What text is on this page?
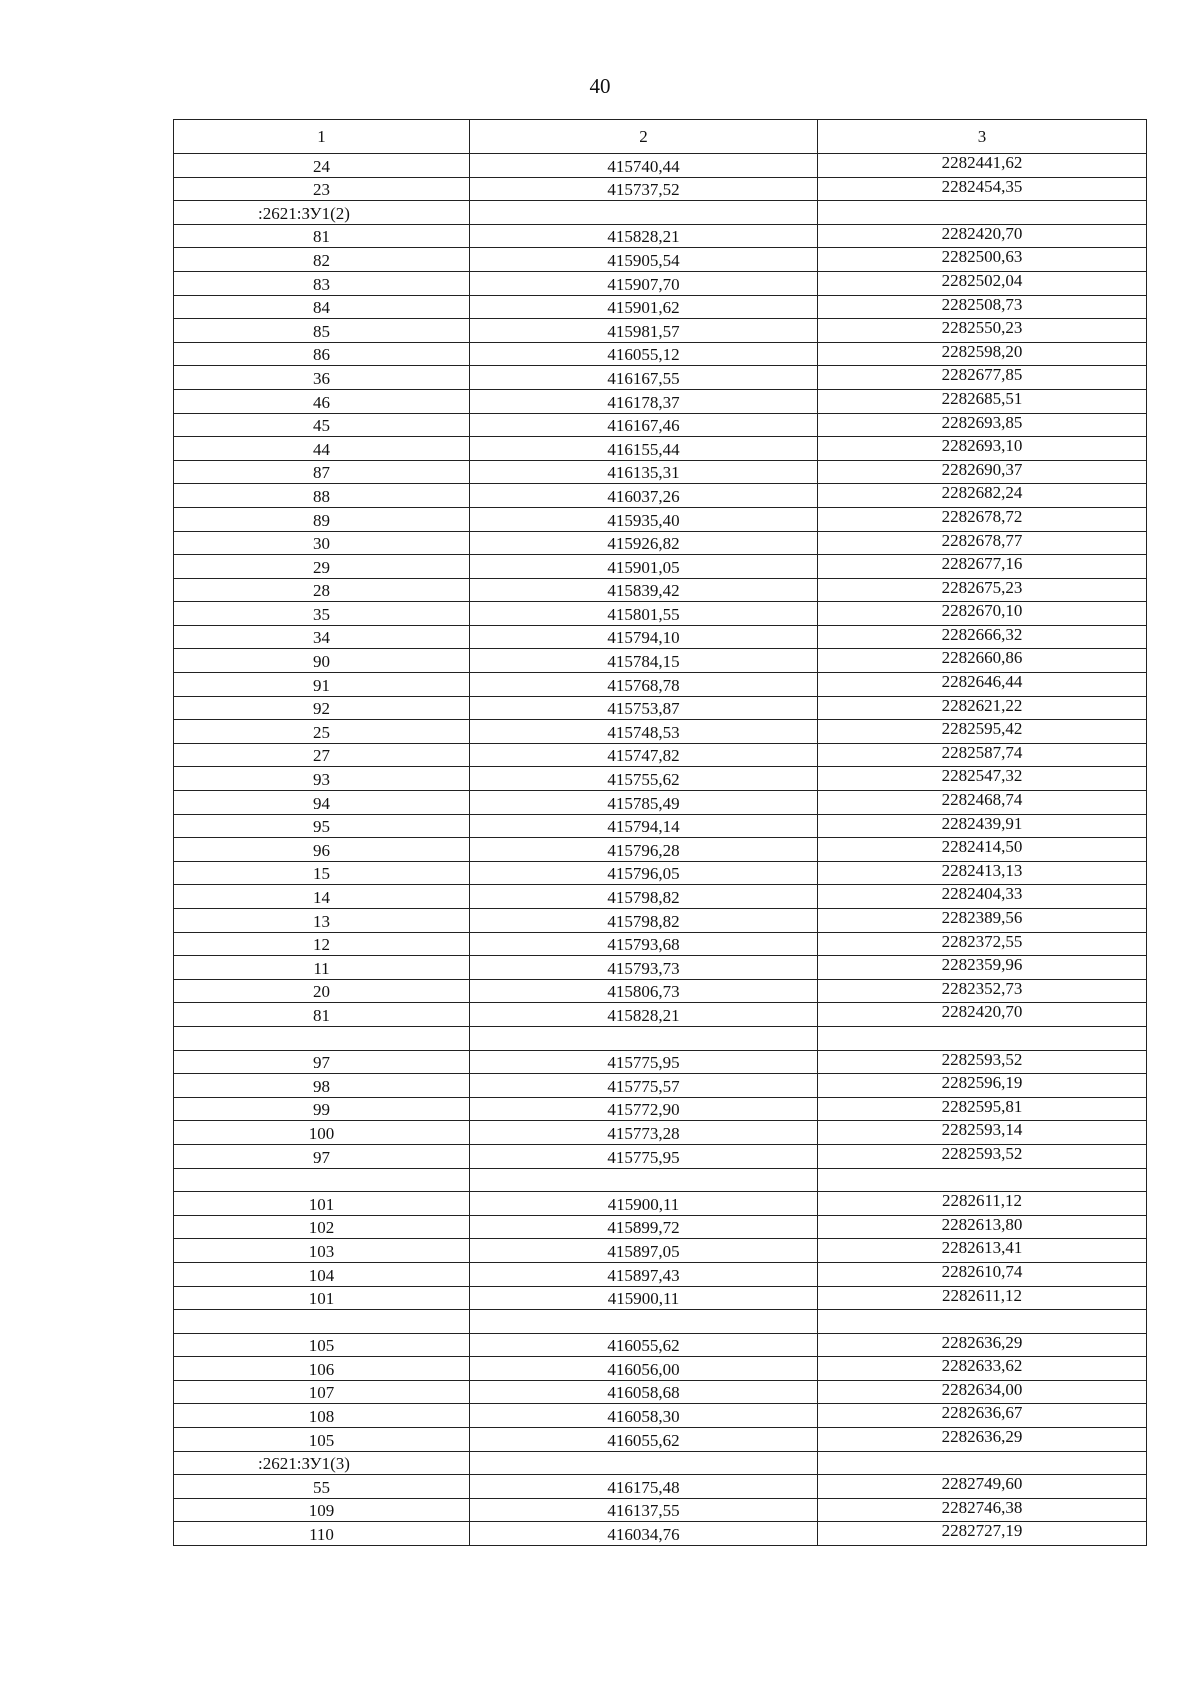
40
1	2	3
24	415740,44	2282441,62
23	415737,52	2282454,35
:2621:ЗУ1(2)		
81	415828,21	2282420,70
82	415905,54	2282500,63
83	415907,70	2282502,04
84	415901,62	2282508,73
85	415981,57	2282550,23
86	416055,12	2282598,20
36	416167,55	2282677,85
46	416178,37	2282685,51
45	416167,46	2282693,85
44	416155,44	2282693,10
87	416135,31	2282690,37
88	416037,26	2282682,24
89	415935,40	2282678,72
30	415926,82	2282678,77
29	415901,05	2282677,16
28	415839,42	2282675,23
35	415801,55	2282670,10
34	415794,10	2282666,32
90	415784,15	2282660,86
91	415768,78	2282646,44
92	415753,87	2282621,22
25	415748,53	2282595,42
27	415747,82	2282587,74
93	415755,62	2282547,32
94	415785,49	2282468,74
95	415794,14	2282439,91
96	415796,28	2282414,50
15	415796,05	2282413,13
14	415798,82	2282404,33
13	415798,82	2282389,56
12	415793,68	2282372,55
11	415793,73	2282359,96
20	415806,73	2282352,73
81	415828,21	2282420,70

97	415775,95	2282593,52
98	415775,57	2282596,19
99	415772,90	2282595,81
100	415773,28	2282593,14
97	415775,95	2282593,52

101	415900,11	2282611,12
102	415899,72	2282613,80
103	415897,05	2282613,41
104	415897,43	2282610,74
101	415900,11	2282611,12

105	416055,62	2282636,29
106	416056,00	2282633,62
107	416058,68	2282634,00
108	416058,30	2282636,67
105	416055,62	2282636,29
:2621:ЗУ1(3)		
55	416175,48	2282749,60
109	416137,55	2282746,38
110	416034,76	2282727,19
